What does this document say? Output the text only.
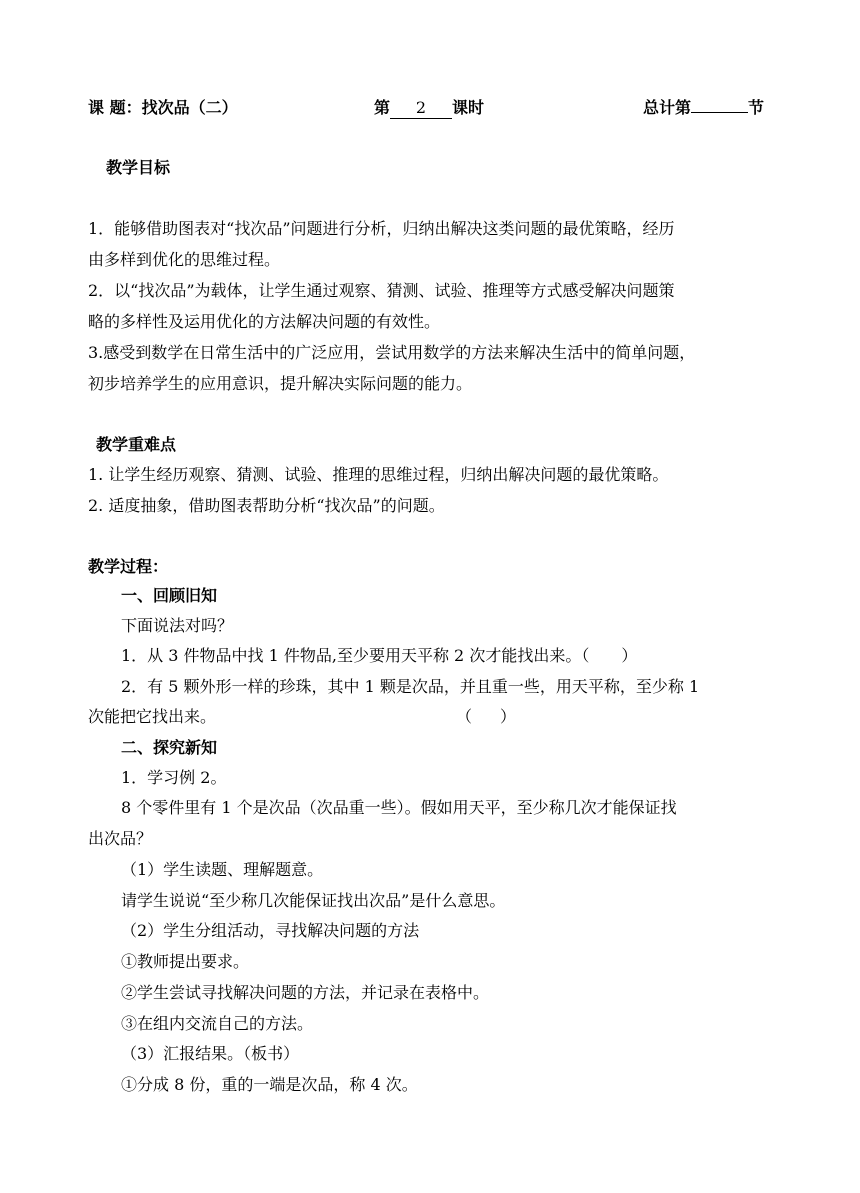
课 题：找次品（二）	第 2 课时	总计第	节
教学目标
1．能够借助图表对“找次品”问题进行分析，归纳出解决这类问题的最优策略，经历
由多样到优化的思维过程。
2．以“找次品”为载体，让学生通过观察、猜测、试验、推理等方式感受解决问题策
略的多样性及运用优化的方法解决问题的有效性。
3.感受到数学在日常生活中的广泛应用，尝试用数学的方法来解决生活中的简单问题，
初步培养学生的应用意识，提升解决实际问题的能力。
教学重难点
1. 让学生经历观察、猜测、试验、推理的思维过程，归纳出解决问题的最优策略。
2. 适度抽象，借助图表帮助分析“找次品”的问题。
教学过程：
一、回顾旧知
下面说法对吗？
1．从 3 件物品中找 1 件物品,至少要用天平称 2 次才能找出来。（ ）
2．有 5 颗外形一样的珍珠，其中 1 颗是次品，并且重一些，用天平称，至少称 1
次能把它找出来。	（ ）
二、探究新知
1．学习例 2。
8 个零件里有 1 个是次品（次品重一些）。假如用天平，至少称几次才能保证找
出次品？
（1）学生读题、理解题意。
请学生说说“至少称几次能保证找出次品”是什么意思。
（2）学生分组活动，寻找解决问题的方法
①教师提出要求。
②学生尝试寻找解决问题的方法，并记录在表格中。
③在组内交流自己的方法。
（3）汇报结果。（板书）
①分成 8 份，重的一端是次品，称 4 次。
